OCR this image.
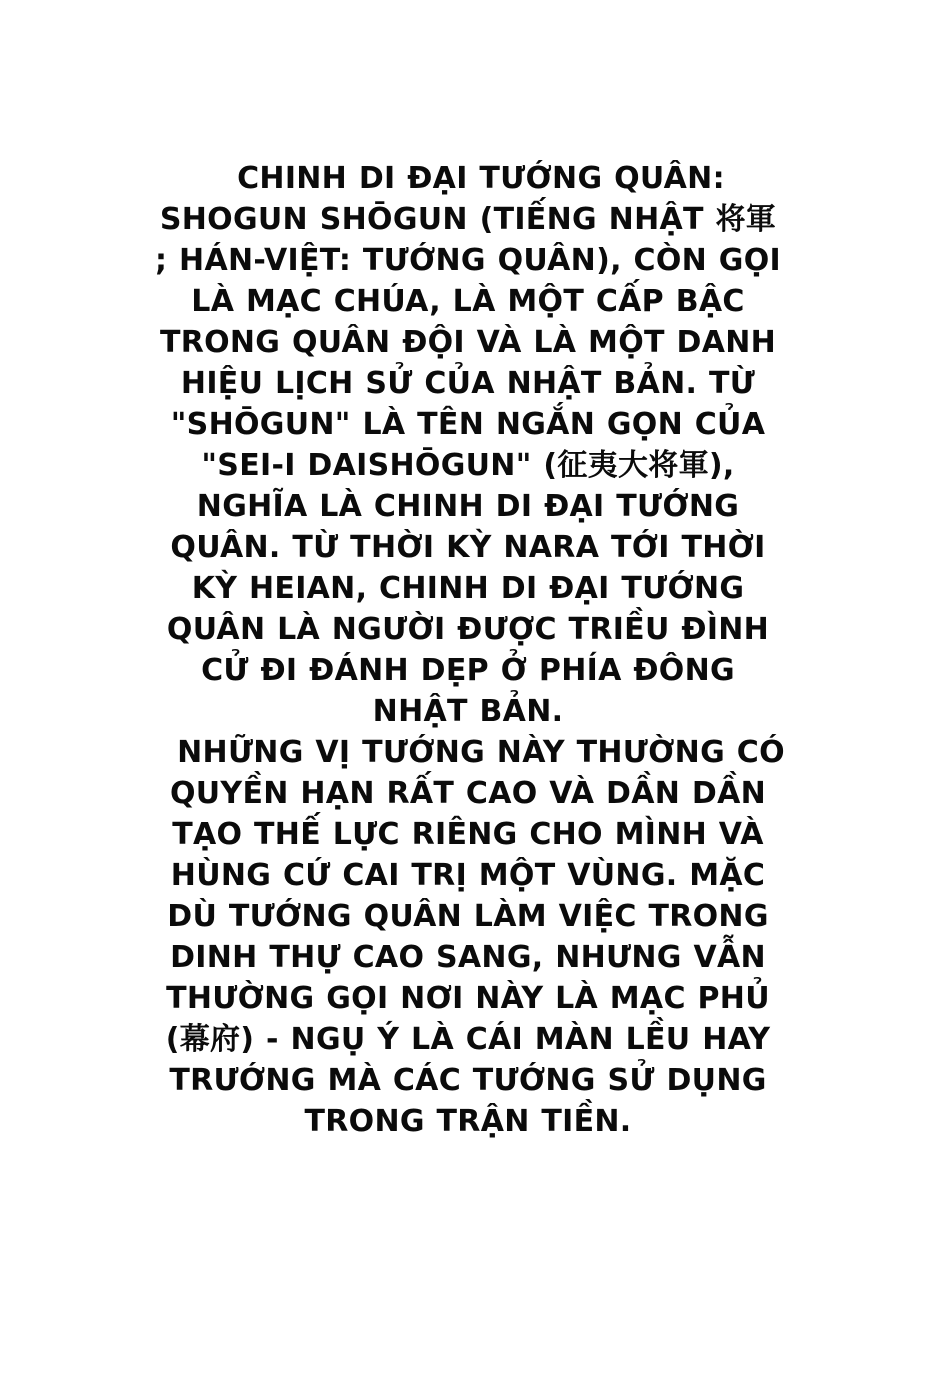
CHINH DI ĐẠI TƯỚNG QUÂN: SHOGUN SHŌGUN (TIẾNG NHẬT 将軍 ; HÁN-VIỆT: TƯỚNG QUÂN), CÒN GỌI LÀ MẠC CHÚA, LÀ MỘT CẤP BẬC TRONG QUÂN ĐỘI VÀ LÀ MỘT DANH HIỆU LỊCH SỬ CỦA NHẬT BẢN. TỪ "SHŌGUN" LÀ TÊN NGẮN GỌN CỦA "SEI-I DAISHŌGUN" (征夷大将軍), NGHĨA LÀ CHINH DI ĐẠI TƯỚNG QUÂN. TỪ THỜI KỲ NARA TỚI THỜI KỲ HEIAN, CHINH DI ĐẠI TƯỚNG QUÂN LÀ NGƯỜI ĐƯỢC TRIỀU ĐÌNH CỬ ĐI ĐÁNH DẸP Ở PHÍA ĐÔNG NHẬT BẢN.

NHỮNG VỊ TƯỚNG NÀY THƯỜNG CÓ QUYỀN HẠN RẤT CAO VÀ DẦN DẦN TẠO THẾ LỰC RIÊNG CHO MÌNH VÀ HÙNG CỨ CAI TRỊ MỘT VÙNG. MẶC DÙ TƯỚNG QUÂN LÀM VIỆC TRONG DINH THỰ CAO SANG, NHƯNG VẪN THƯỜNG GỌI NƠI NÀY LÀ MẠC PHỦ (幕府) - NGỤ Ý LÀ CÁI MÀN LỀU HAY TRƯỚNG MÀ CÁC TƯỚNG SỬ DỤNG TRONG TRẬN TIỀN.
